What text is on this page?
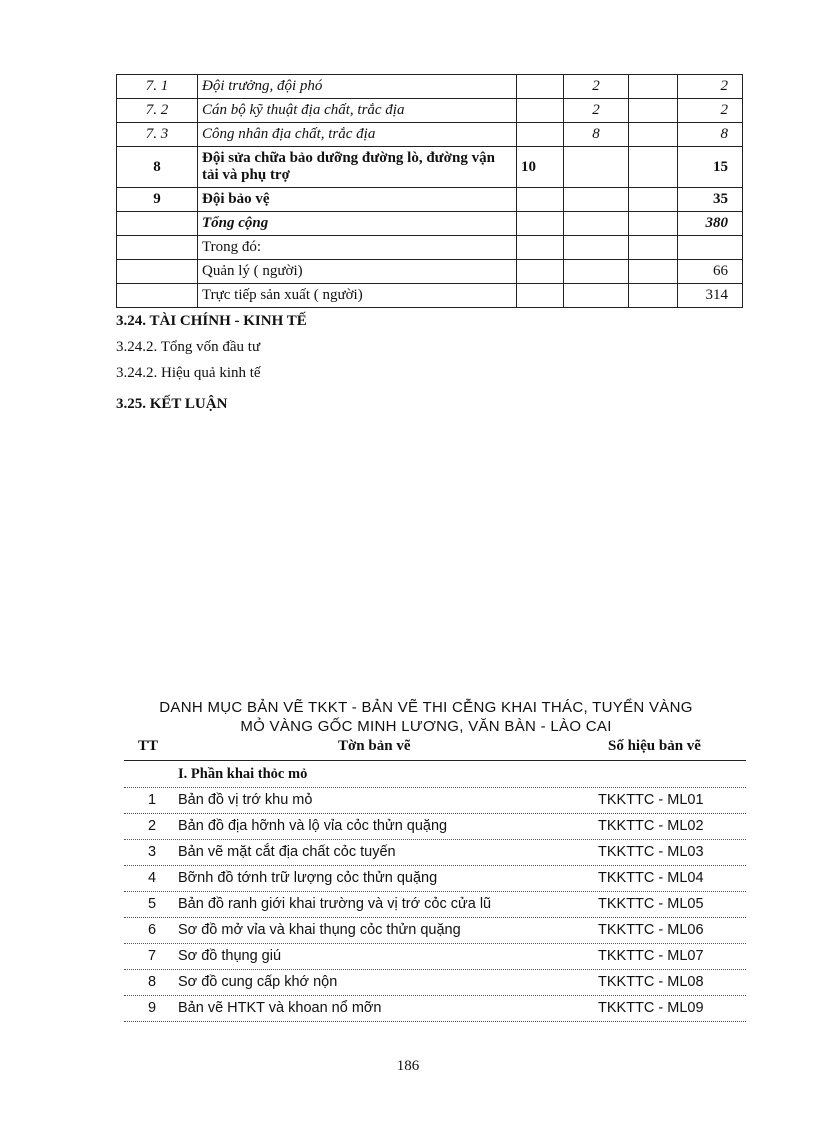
7. 1	Đội trưởng, đội phó		2		2
7. 2	Cán bộ kỹ thuật địa chất, trắc địa		2		2
7. 3	Công nhân địa chất, trắc địa		8		8
8	Đội sửa chữa bảo dưỡng đường lò, đường vận tải và phụ trợ	10			15
9	Đội bảo vệ				35
	Tổng cộng				380
	Trong đó:				
	Quản lý ( người)				66
	Trực tiếp sản xuất ( người)				314
3.24. TÀI CHÍNH - KINH TẾ
3.24.2. Tổng vốn đầu tư
3.24.2. Hiệu quả kinh tế
3.25. KẾT LUẬN
DANH MỤC BẢN VẼ TKKT - BẢN VẼ THI CỄNG KHAI THÁC, TUYỂN VÀNG
MỎ VÀNG GỐC MINH LƯƠNG, VĂN BÀN - LÀO CAI
TT	Tờn bản vẽ	Số hiệu bản vẽ
I. Phần khai thỏc mỏ
1	Bản đồ vị trớ khu mỏ	TKKTTC - ML01
2	Bản đồ địa hỡnh và lộ vỉa cỏc thửn quặng	TKKTTC - ML02
3	Bản vẽ mặt cắt địa chất cỏc tuyến	TKKTTC - ML03
4	Bỡnh đồ tớnh trữ lượng cỏc thửn quặng	TKKTTC - ML04
5	Bản đồ ranh giới khai trường và vị trớ cỏc cửa lũ	TKKTTC - ML05
6	Sơ đồ mở vỉa và khai thụng cỏc thửn quặng	TKKTTC - ML06
7	Sơ đồ thụng giú	TKKTTC - ML07
8	Sơ đồ cung cấp khớ nộn	TKKTTC - ML08
9	Bản vẽ HTKT và khoan nổ mỡn	TKKTTC - ML09
186
